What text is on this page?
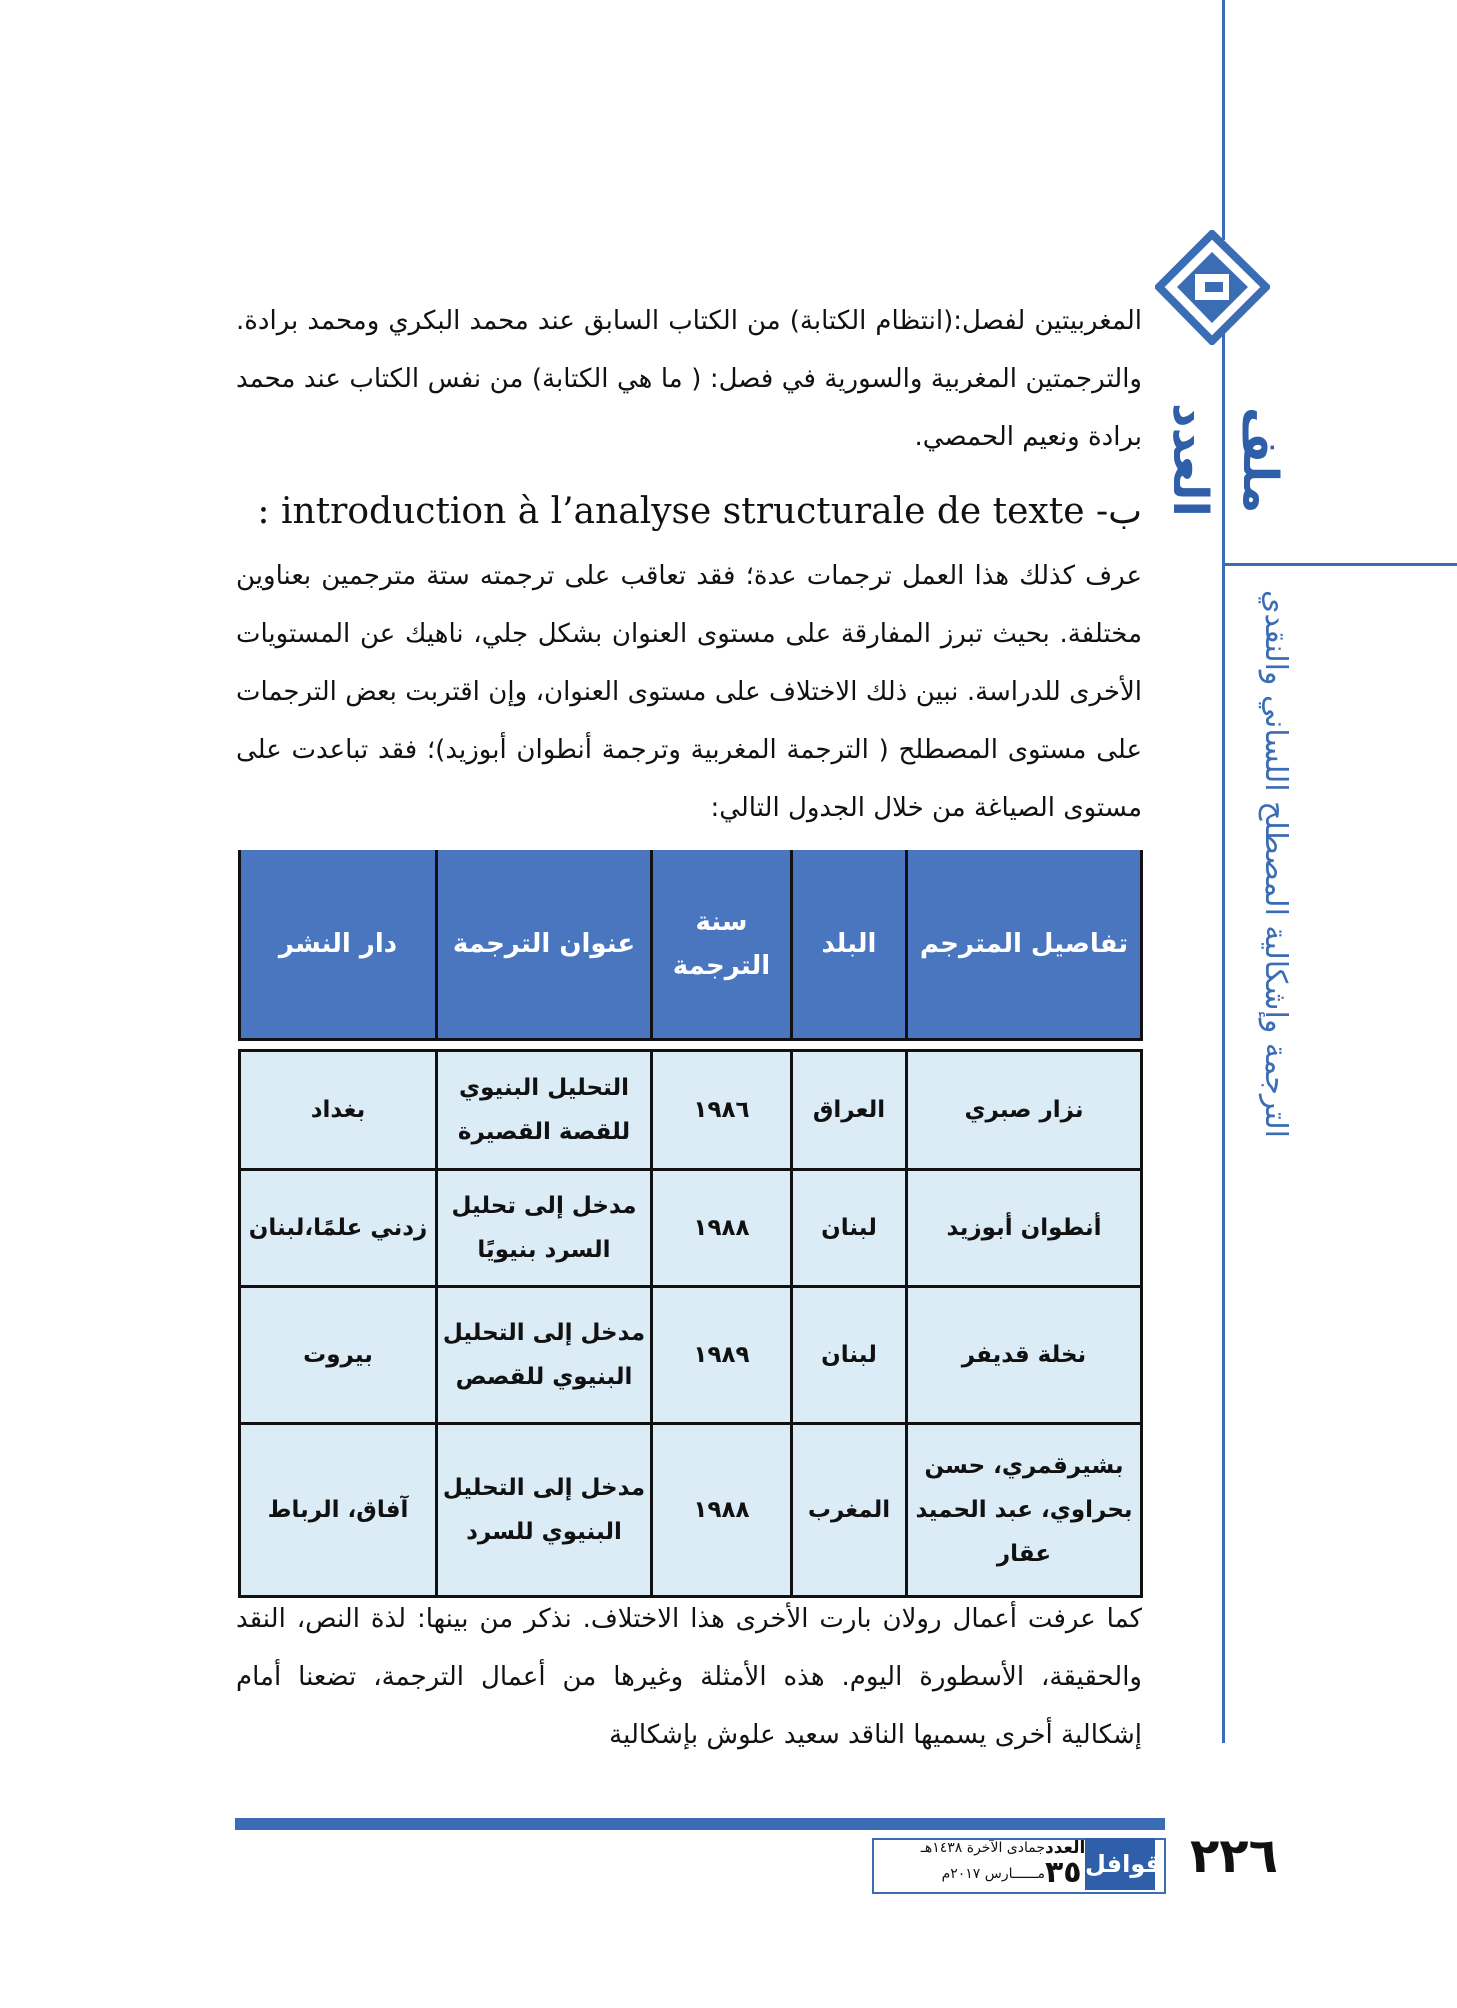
ملف العدد
الترجمة وإشكالية المصطلح اللساني والنقدي

المغربيتين لفصل:(انتظام الكتابة) من الكتاب السابق عند محمد البكري ومحمد برادة. والترجمتين المغربية والسورية في فصل: ( ما هي الكتابة) من نفس الكتاب عند محمد برادة ونعيم الحمصي.

ب- introduction à l’analyse structurale de texte :

عرف كذلك هذا العمل ترجمات عدة؛ فقد تعاقب على ترجمته ستة مترجمين بعناوين مختلفة. بحيث تبرز المفارقة على مستوى العنوان بشكل جلي، ناهيك عن المستويات الأخرى للدراسة. نبين ذلك الاختلاف على مستوى العنوان، وإن اقتربت بعض الترجمات على مستوى المصطلح ( الترجمة المغربية وترجمة أنطوان أبوزيد)؛ فقد تباعدت على مستوى الصياغة من خلال الجدول التالي:

تفاصيل المترجم	البلد	سنة الترجمة	عنوان الترجمة	دار النشر

نزار صبري	العراق	١٩٨٦	التحليل البنيوي للقصة القصيرة	بغداد
أنطوان أبوزيد	لبنان	١٩٨٨	مدخل إلى تحليل السرد بنيويًا	زدني علمًا،لبنان
نخلة قديفر	لبنان	١٩٨٩	مدخل إلى التحليل البنيوي للقصص	بيروت
بشيرقمري، حسن بحراوي، عبد الحميد عقار	المغرب	١٩٨٨	مدخل إلى التحليل البنيوي للسرد	آفاق، الرباط

كما عرفت أعمال رولان بارت الأخرى هذا الاختلاف. نذكر من بينها: لذة النص، النقد والحقيقة، الأسطورة اليوم. هذه الأمثلة وغيرها من أعمال الترجمة، تضعنا أمام إشكالية أخرى يسميها الناقد سعيد علوش بإشكالية

جمادى الآخرة ١٤٣٨هـ
مــــــارس ٢٠١٧م
العدد
٣٥ قوافل ٢٢٦
